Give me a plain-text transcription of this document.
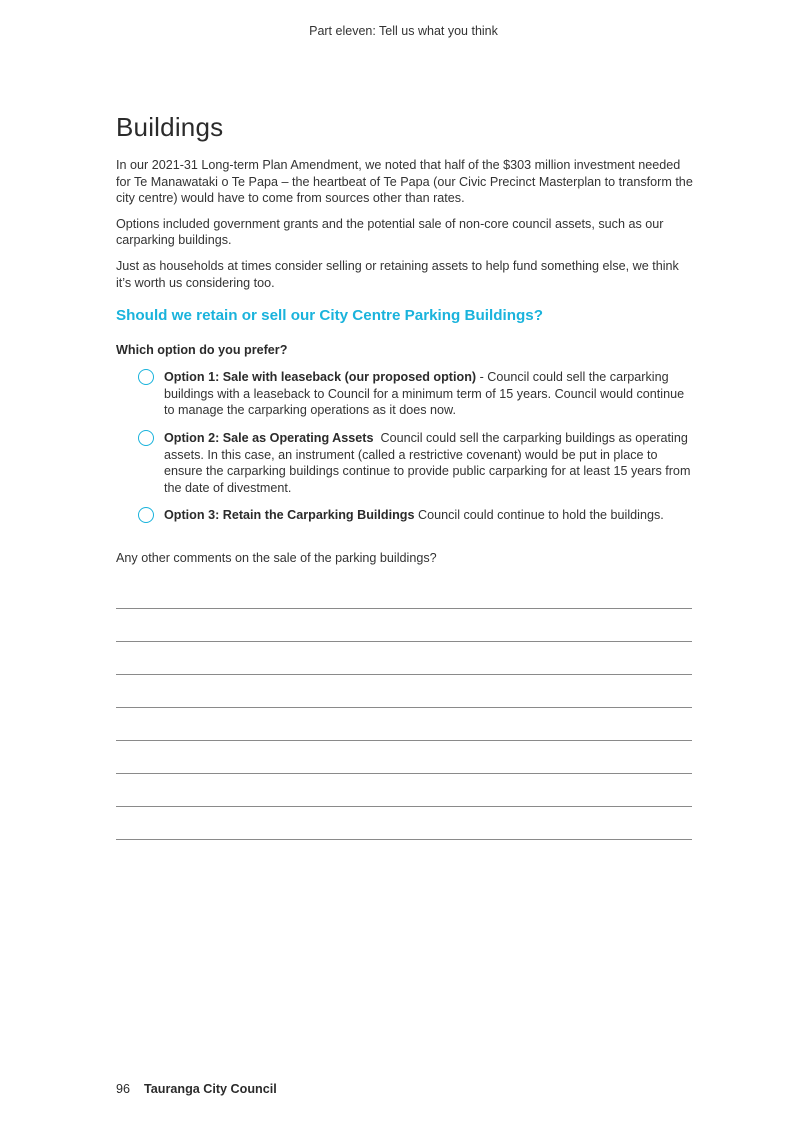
Part eleven: Tell us what you think
Buildings

In our 2021-31 Long-term Plan Amendment, we noted that half of the $303 million investment needed for Te Manawataki o Te Papa – the heartbeat of Te Papa (our Civic Precinct Masterplan to transform the city centre) would have to come from sources other than rates.

Options included government grants and the potential sale of non-core council assets, such as our carparking buildings.

Just as households at times consider selling or retaining assets to help fund something else, we think it’s worth us considering too.

Should we retain or sell our City Centre Parking Buildings?
Which option do you prefer?
Option 1: Sale with leaseback (our proposed option) - Council could sell the carparking buildings with a leaseback to Council for a minimum term of 15 years. Council would continue to manage the carparking operations as it does now.
Option 2: Sale as Operating Assets  Council could sell the carparking buildings as operating assets. In this case, an instrument (called a restrictive covenant) would be put in place to ensure the carparking buildings continue to provide public carparking for at least 15 years from the date of divestment.
Option 3: Retain the Carparking Buildings Council could continue to hold the buildings.
Any other comments on the sale of the parking buildings?
96 Tauranga City Council
